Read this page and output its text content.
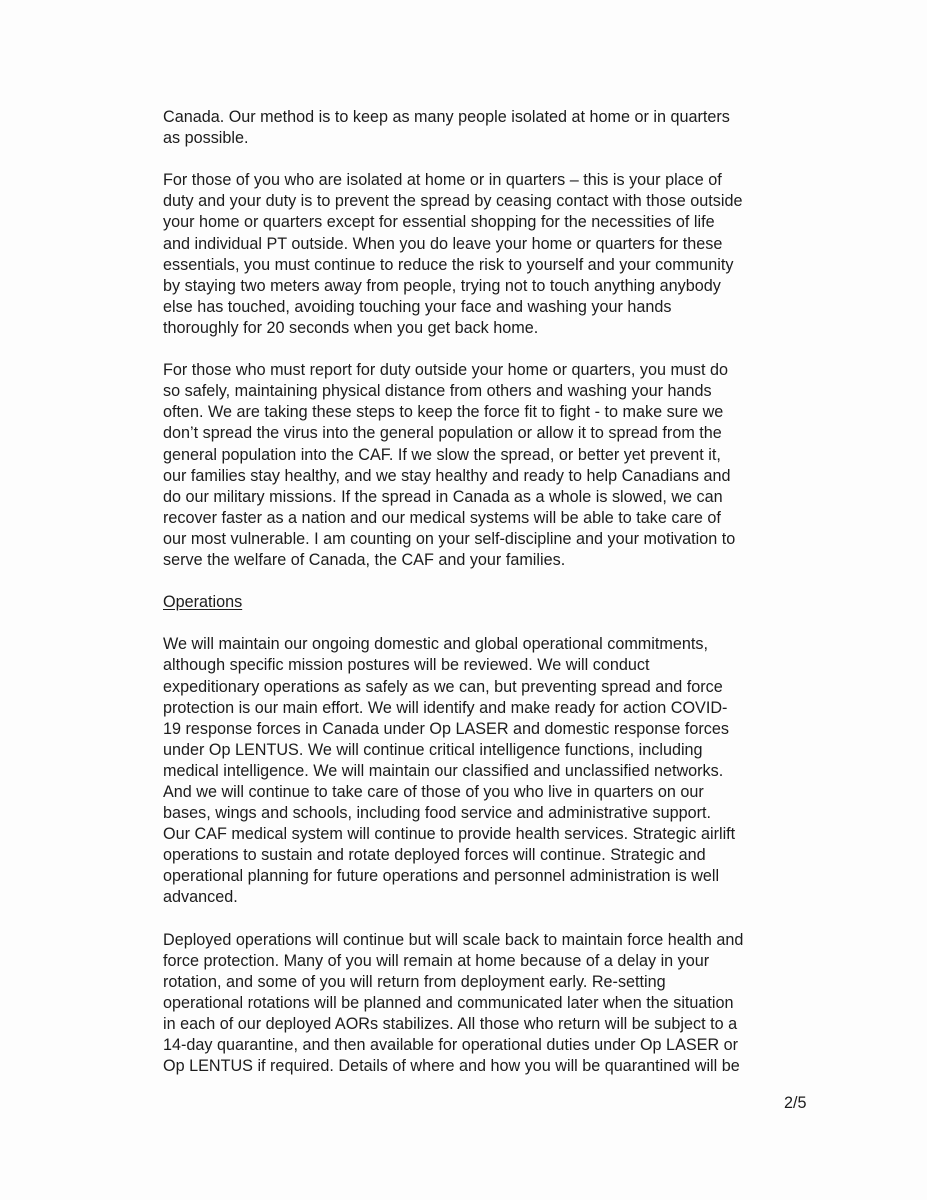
Canada. Our method is to keep as many people isolated at home or in quarters
as possible.
For those of you who are isolated at home or in quarters – this is your place of
duty and your duty is to prevent the spread by ceasing contact with those outside
your home or quarters except for essential shopping for the necessities of life
and individual PT outside. When you do leave your home or quarters for these
essentials, you must continue to reduce the risk to yourself and your community
by staying two meters away from people, trying not to touch anything anybody
else has touched, avoiding touching your face and washing your hands
thoroughly for 20 seconds when you get back home.
For those who must report for duty outside your home or quarters, you must do
so safely, maintaining physical distance from others and washing your hands
often. We are taking these steps to keep the force fit to fight - to make sure we
don’t spread the virus into the general population or allow it to spread from the
general population into the CAF. If we slow the spread, or better yet prevent it,
our families stay healthy, and we stay healthy and ready to help Canadians and
do our military missions. If the spread in Canada as a whole is slowed, we can
recover faster as a nation and our medical systems will be able to take care of
our most vulnerable. I am counting on your self-discipline and your motivation to
serve the welfare of Canada, the CAF and your families.
Operations
We will maintain our ongoing domestic and global operational commitments,
although specific mission postures will be reviewed. We will conduct
expeditionary operations as safely as we can, but preventing spread and force
protection is our main effort. We will identify and make ready for action COVID-
19 response forces in Canada under Op LASER and domestic response forces
under Op LENTUS. We will continue critical intelligence functions, including
medical intelligence. We will maintain our classified and unclassified networks.
And we will continue to take care of those of you who live in quarters on our
bases, wings and schools, including food service and administrative support.
Our CAF medical system will continue to provide health services. Strategic airlift
operations to sustain and rotate deployed forces will continue. Strategic and
operational planning for future operations and personnel administration is well
advanced.
Deployed operations will continue but will scale back to maintain force health and
force protection. Many of you will remain at home because of a delay in your
rotation, and some of you will return from deployment early. Re-setting
operational rotations will be planned and communicated later when the situation
in each of our deployed AORs stabilizes. All those who return will be subject to a
14-day quarantine, and then available for operational duties under Op LASER or
Op LENTUS if required. Details of where and how you will be quarantined will be
2/5
